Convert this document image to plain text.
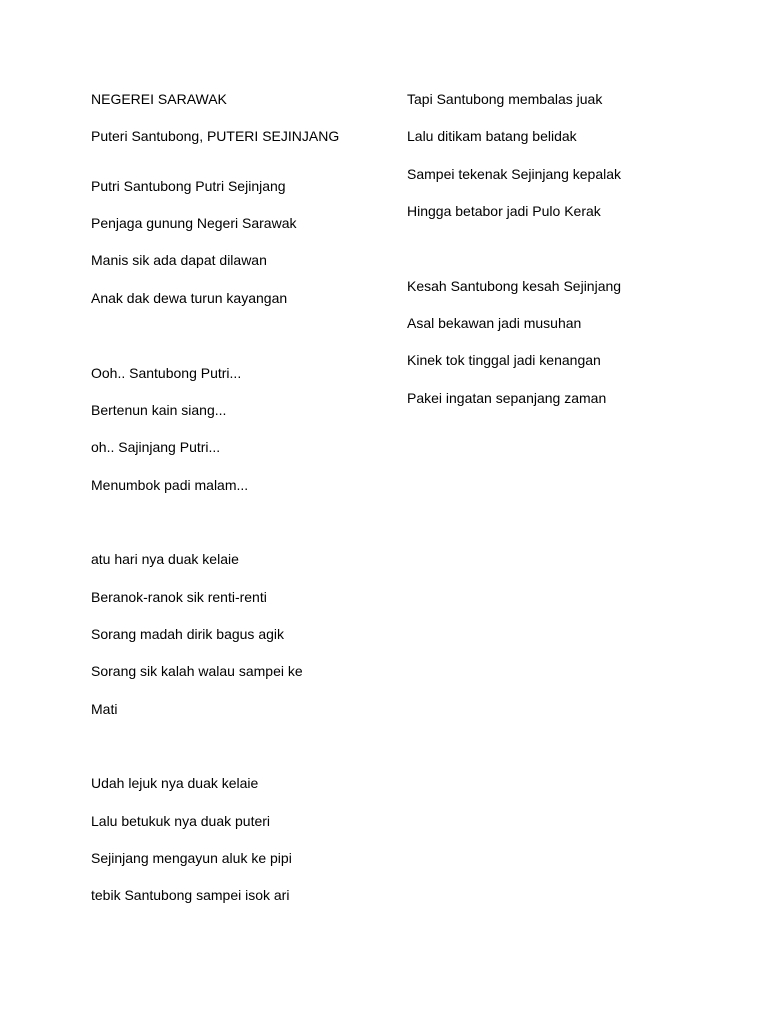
NEGEREI SARAWAK
Puteri Santubong, PUTERI SEJINJANG
Putri Santubong Putri Sejinjang
Penjaga gunung Negeri Sarawak
Manis sik ada dapat dilawan
Anak dak dewa turun kayangan
Ooh.. Santubong Putri...
Bertenun kain siang...
oh.. Sajinjang Putri...
Menumbok padi malam...
atu hari nya duak kelaie
Beranok-ranok sik renti-renti
Sorang madah dirik bagus agik
Sorang sik kalah walau sampei ke
Mati
Udah lejuk nya duak kelaie
Lalu betukuk nya duak puteri
Sejinjang mengayun aluk ke pipi
tebik Santubong sampei isok ari
Tapi Santubong membalas juak
Lalu ditikam batang belidak
Sampei tekenak Sejinjang kepalak
Hingga betabor jadi Pulo Kerak
Kesah Santubong kesah Sejinjang
Asal bekawan jadi musuhan
Kinek tok tinggal jadi kenangan
Pakei ingatan sepanjang zaman
